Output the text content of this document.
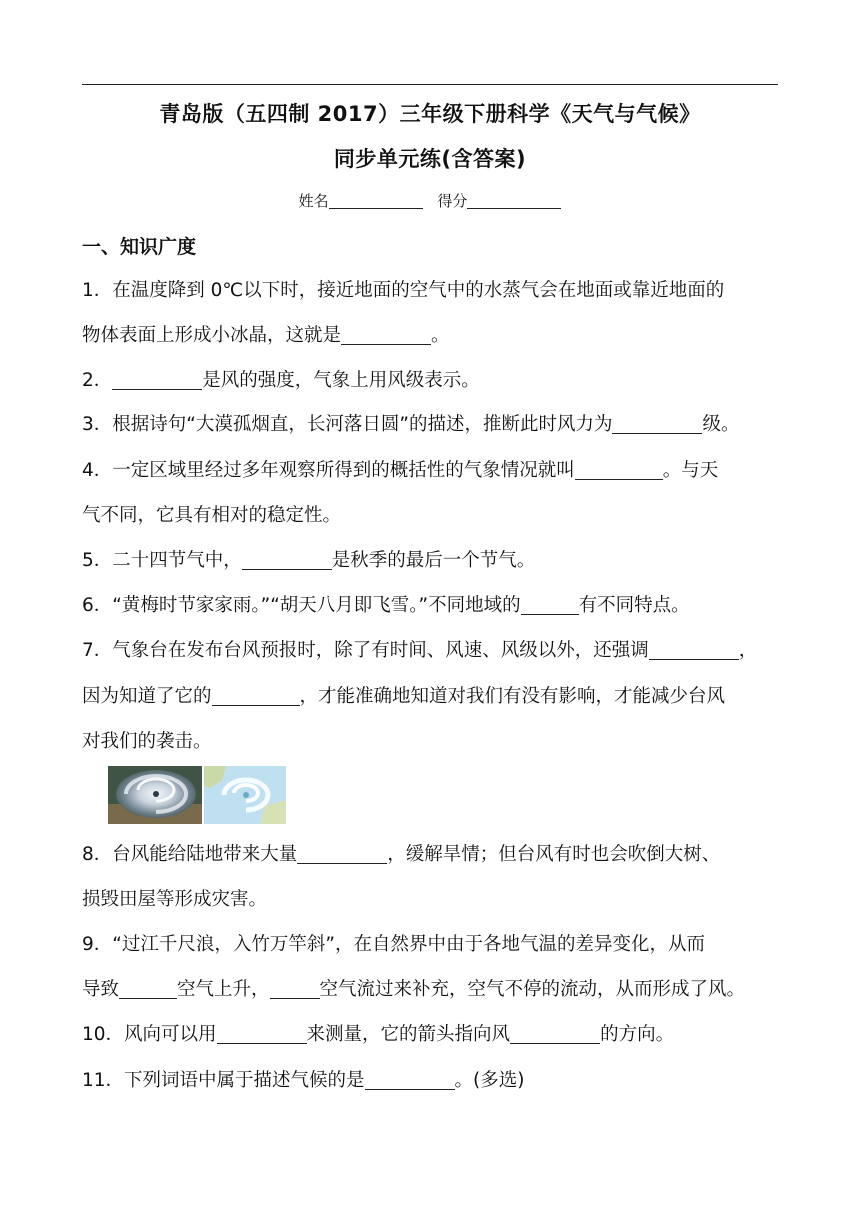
青岛版（五四制 2017）三年级下册科学《天气与气候》
同步单元练(含答案)
姓名	得分
一、知识广度
1．在温度降到 0℃以下时，接近地面的空气中的水蒸气会在地面或靠近地面的
物体表面上形成小冰晶，这就是	。
2．	是风的强度，气象上用风级表示。
3．根据诗句“大漠孤烟直，长河落日圆”的描述，推断此时风力为	级。
4．一定区域里经过多年观察所得到的概括性的气象情况就叫	。与天
气不同，它具有相对的稳定性。
5．二十四节气中，	是秋季的最后一个节气。
6．“黄梅时节家家雨。”“胡天八月即飞雪。”不同地域的	有不同特点。
7．气象台在发布台风预报时，除了有时间、风速、风级以外，还强调	，
因为知道了它的	，才能准确地知道对我们有没有影响，才能减少台风
对我们的袭击。
8．台风能给陆地带来大量	，缓解旱情；但台风有时也会吹倒大树、
损毁田屋等形成灾害。
9．“过江千尺浪，入竹万竿斜”，在自然界中由于各地气温的差异变化，从而
导致	空气上升，	空气流过来补充，空气不停的流动，从而形成了风。
10．风向可以用	来测量，它的箭头指向风	的方向。
11．下列词语中属于描述气候的是	。(多选)
